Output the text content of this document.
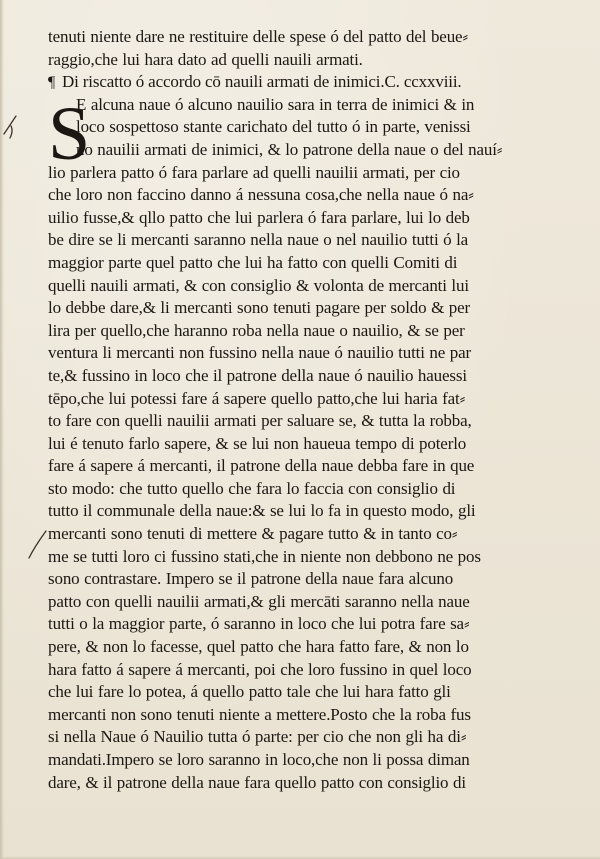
S
tenuti niente dare ne restituire delle spese ó del patto del beue⸗
raggio,che lui hara dato ad quelli nauili armati.
¶ Di riscatto ó accordo cō nauili armati de inimici.C. ccxxviii.
E alcuna naue ó alcuno nauilio sara in terra de inimici & in
loco sospettoso stante carichato del tutto ó in parte, venissi
no nauilii armati de inimici, & lo patrone della naue o del nauí⸗
lio parlera patto ó fara parlare ad quelli nauilii armati, per cio
che loro non faccino danno á nessuna cosa,che nella naue ó na⸗
uilio fusse,& qllo patto che lui parlera ó fara parlare, lui lo deb
be dire se li mercanti saranno nella naue o nel nauilio tutti ó la
maggior parte quel patto che lui ha fatto con quelli Comiti di
quelli nauili armati, & con consiglio & volonta de mercanti lui
lo debbe dare,& li mercanti sono tenuti pagare per soldo & per
lira per quello,che haranno roba nella naue o nauilio, & se per
ventura li mercanti non fussino nella naue ó nauilio tutti ne par
te,& fussino in loco che il patrone della naue ó nauilio hauessi
tēpo,che lui potessi fare á sapere quello patto,che lui haria fat⸗
to fare con quelli nauilii armati per saluare se, & tutta la robba,
lui é tenuto farlo sapere, & se lui non haueua tempo di poterlo
fare á sapere á mercanti, il patrone della naue debba fare in que
sto modo: che tutto quello che fara lo faccia con consiglio di
tutto il communale della naue:& se lui lo fa in questo modo, gli
mercanti sono tenuti di mettere & pagare tutto & in tanto co⸗
me se tutti loro ci fussino stati,che in niente non debbono ne pos
sono contrastare. Impero se il patrone della naue fara alcuno
patto con quelli nauilii armati,& gli mercāti saranno nella naue
tutti o la maggior parte, ó saranno in loco che lui potra fare sa⸗
pere, & non lo facesse, quel patto che hara fatto fare, & non lo
hara fatto á sapere á mercanti, poi che loro fussino in quel loco
che lui fare lo potea, á quello patto tale che lui hara fatto gli
mercanti non sono tenuti niente a mettere.Posto che la roba fus
si nella Naue ó Nauilio tutta ó parte: per cio che non gli ha di⸗
mandati.Impero se loro saranno in loco,che non li possa diman
dare, & il patrone della naue fara quello patto con consiglio di
